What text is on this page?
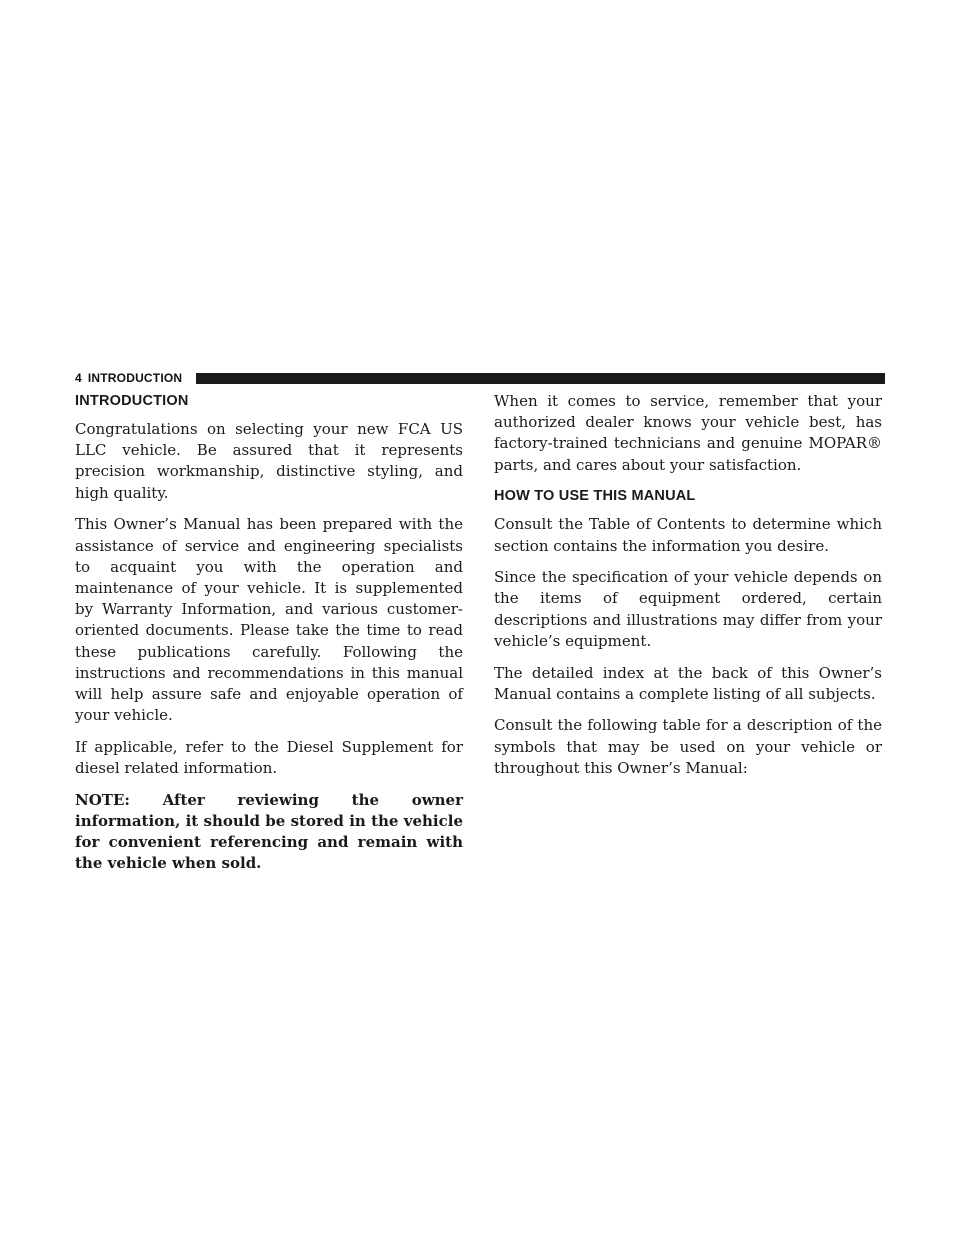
4 INTRODUCTION
INTRODUCTION

Congratulations on selecting your new FCA US LLC vehicle. Be assured that it represents precision workmanship, distinctive styling, and high quality.

This Owner’s Manual has been prepared with the assistance of service and engineering specialists to acquaint you with the operation and maintenance of your vehicle. It is supplemented by Warranty Information, and various customer-oriented documents. Please take the time to read these publications carefully. Following the instructions and recommendations in this manual will help assure safe and enjoyable operation of your vehicle.

If applicable, refer to the Diesel Supplement for diesel related information.

NOTE: After reviewing the owner information, it should be stored in the vehicle for convenient referencing and remain with the vehicle when sold.

When it comes to service, remember that your authorized dealer knows your vehicle best, has factory-trained technicians and genuine MOPAR® parts, and cares about your satisfaction.

HOW TO USE THIS MANUAL

Consult the Table of Contents to determine which section contains the information you desire.

Since the specification of your vehicle depends on the items of equipment ordered, certain descriptions and illustrations may differ from your vehicle’s equipment.

The detailed index at the back of this Owner’s Manual contains a complete listing of all subjects.

Consult the following table for a description of the symbols that may be used on your vehicle or throughout this Owner’s Manual:
